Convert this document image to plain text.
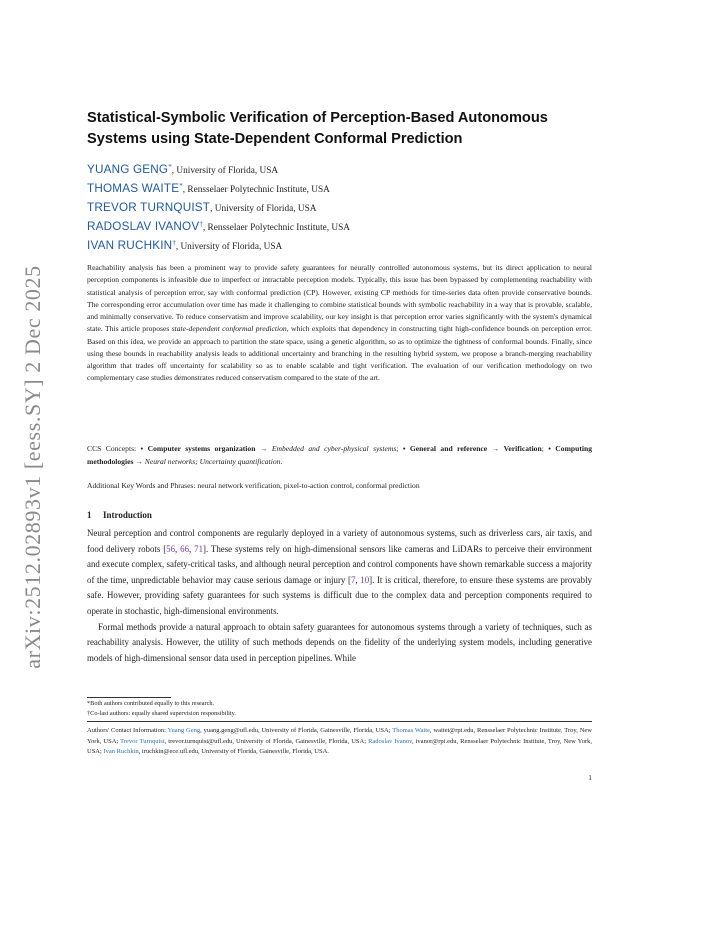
arXiv:2512.02893v1 [eess.SY] 2 Dec 2025
Statistical-Symbolic Verification of Perception-Based Autonomous Systems using State-Dependent Conformal Prediction
YUANG GENG*, University of Florida, USA
THOMAS WAITE*, Rensselaer Polytechnic Institute, USA
TREVOR TURNQUIST, University of Florida, USA
RADOSLAV IVANOV†, Rensselaer Polytechnic Institute, USA
IVAN RUCHKIN†, University of Florida, USA

Reachability analysis has been a prominent way to provide safety guarantees for neurally controlled autonomous systems, but its direct application to neural perception components is infeasible due to imperfect or intractable perception models. Typically, this issue has been bypassed by complementing reachability with statistical analysis of perception error, say with conformal prediction (CP). However, existing CP methods for time-series data often provide conservative bounds. The corresponding error accumulation over time has made it challenging to combine statistical bounds with symbolic reachability in a way that is provable, scalable, and minimally conservative. To reduce conservatism and improve scalability, our key insight is that perception error varies significantly with the system's dynamical state. This article proposes state-dependent conformal prediction, which exploits that dependency in constructing tight high-confidence bounds on perception error. Based on this idea, we provide an approach to partition the state space, using a genetic algorithm, so as to optimize the tightness of conformal bounds. Finally, since using these bounds in reachability analysis leads to additional uncertainty and branching in the resulting hybrid system, we propose a branch-merging reachability algorithm that trades off uncertainty for scalability so as to enable scalable and tight verification. The evaluation of our verification methodology on two complementary case studies demonstrates reduced conservatism compared to the state of the art.

CCS Concepts: • Computer systems organization → Embedded and cyber-physical systems; • General and reference → Verification; • Computing methodologies → Neural networks; Uncertainty quantification.

Additional Key Words and Phrases: neural network verification, pixel-to-action control, conformal prediction

1 Introduction

Neural perception and control components are regularly deployed in a variety of autonomous systems, such as driverless cars, air taxis, and food delivery robots [56, 66, 71]. These systems rely on high-dimensional sensors like cameras and LiDARs to perceive their environment and execute complex, safety-critical tasks, and although neural perception and control components have shown remarkable success a majority of the time, unpredictable behavior may cause serious damage or injury [7, 10]. It is critical, therefore, to ensure these systems are provably safe. However, providing safety guarantees for such systems is difficult due to the complex data and perception components required to operate in stochastic, high-dimensional environments.

Formal methods provide a natural approach to obtain safety guarantees for autonomous systems through a variety of techniques, such as reachability analysis. However, the utility of such methods depends on the fidelity of the underlying system models, including generative models of high-dimensional sensor data used in perception pipelines. While

*Both authors contributed equally to this research.

†Co-last authors: equally shared supervision responsibility.

Authors' Contact Information: Yuang Geng, yuang.geng@ufl.edu, University of Florida, Gainesville, Florida, USA; Thomas Waite, waitet@rpi.edu, Rensselaer Polytechnic Institute, Troy, New York, USA; Trevor Turnquist, trevor.turnquist@ufl.edu, University of Florida, Gainesville, Florida, USA; Radoslav Ivanov, ivanor@rpi.edu, Rensselaer Polytechnic Institute, Troy, New York, USA; Ivan Ruchkin, iruchkin@ece.ufl.edu, University of Florida, Gainesville, Florida, USA.

1
